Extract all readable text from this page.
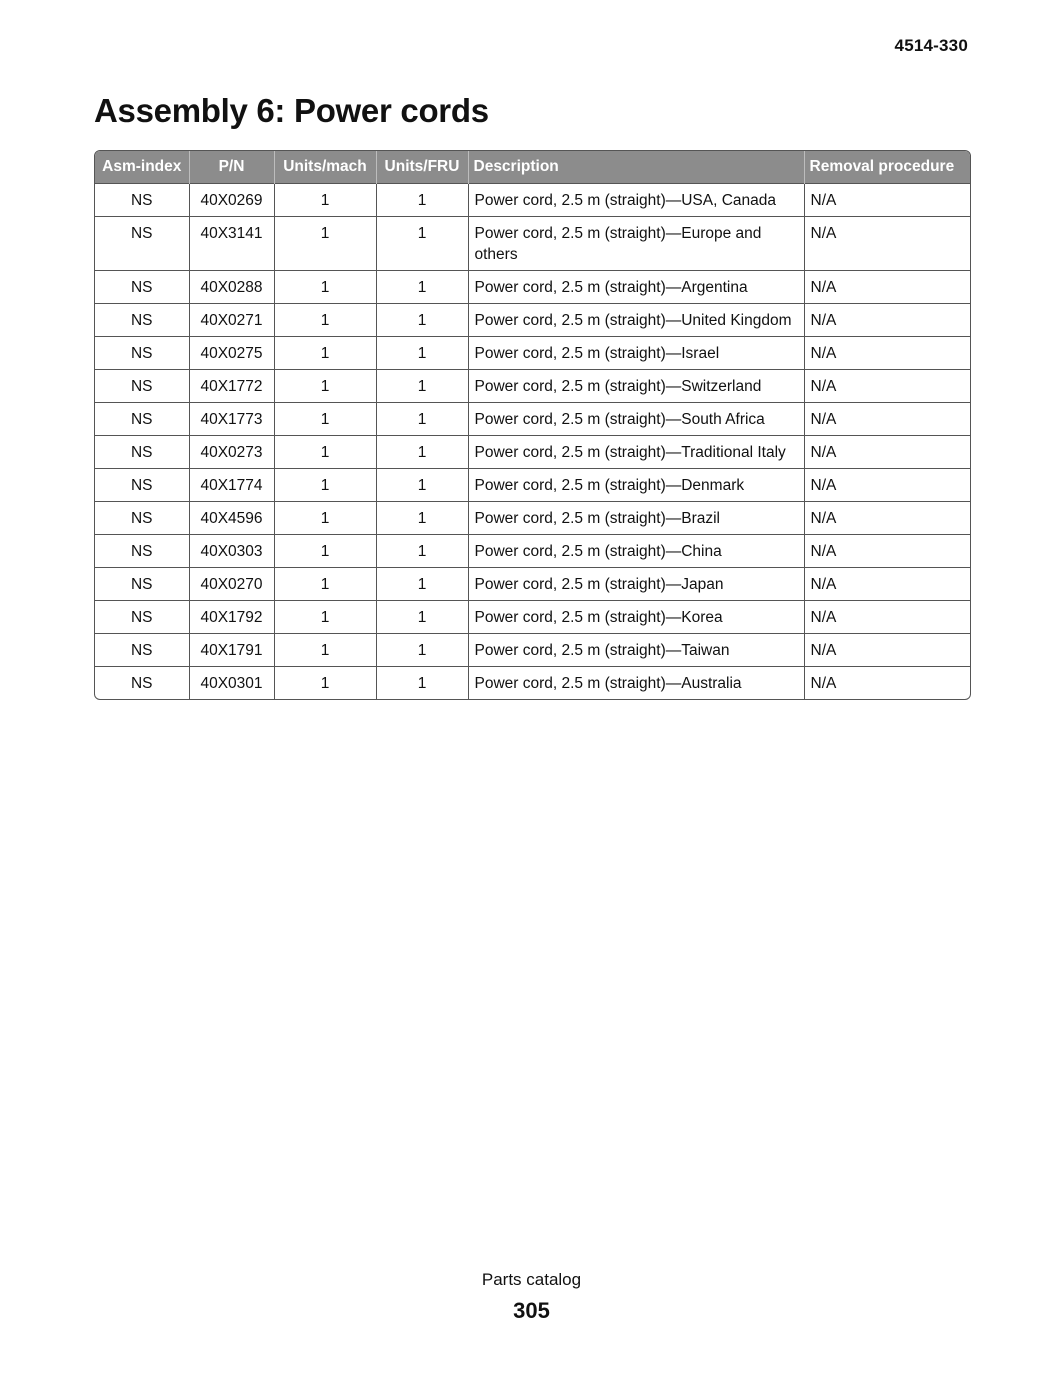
4514-330
Assembly 6: Power cords
Asm-index	P/N	Units/mach	Units/FRU	Description	Removal procedure
NS	40X0269	1	1	Power cord, 2.5 m (straight)—USA, Canada	N/A
NS	40X3141	1	1	Power cord, 2.5 m (straight)—Europe and others	N/A
NS	40X0288	1	1	Power cord, 2.5 m (straight)—Argentina	N/A
NS	40X0271	1	1	Power cord, 2.5 m (straight)—United Kingdom	N/A
NS	40X0275	1	1	Power cord, 2.5 m (straight)—Israel	N/A
NS	40X1772	1	1	Power cord, 2.5 m (straight)—Switzerland	N/A
NS	40X1773	1	1	Power cord, 2.5 m (straight)—South Africa	N/A
NS	40X0273	1	1	Power cord, 2.5 m (straight)—Traditional Italy	N/A
NS	40X1774	1	1	Power cord, 2.5 m (straight)—Denmark	N/A
NS	40X4596	1	1	Power cord, 2.5 m (straight)—Brazil	N/A
NS	40X0303	1	1	Power cord, 2.5 m (straight)—China	N/A
NS	40X0270	1	1	Power cord, 2.5 m (straight)—Japan	N/A
NS	40X1792	1	1	Power cord, 2.5 m (straight)—Korea	N/A
NS	40X1791	1	1	Power cord, 2.5 m (straight)—Taiwan	N/A
NS	40X0301	1	1	Power cord, 2.5 m (straight)—Australia	N/A
Parts catalog
305
